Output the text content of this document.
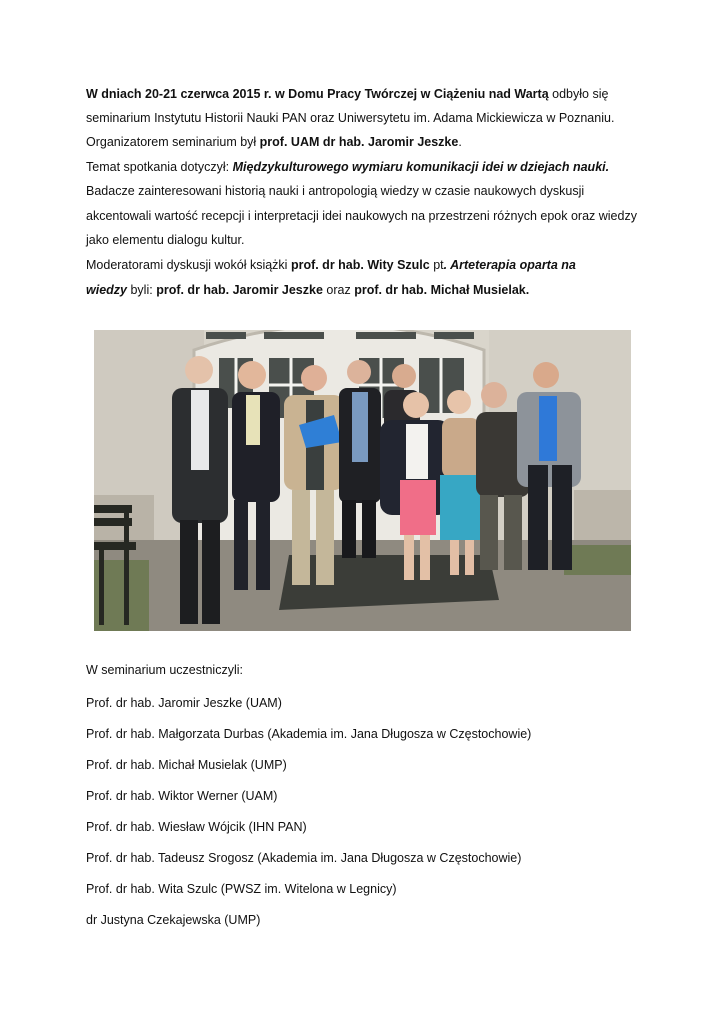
W dniach 20-21 czerwca 2015 r. w Domu Pracy Twórczej w Ciążeniu nad Wartą odbyło się
seminarium Instytutu Historii Nauki PAN oraz Uniwersytetu im. Adama Mickiewicza w Poznaniu.
Organizatorem seminarium był prof. UAM dr hab. Jaromir Jeszke.
Temat spotkania dotyczył: Międzykulturowego wymiaru komunikacji idei w dziejach nauki.
Badacze zainteresowani historią nauki i antropologią wiedzy w czasie naukowych dyskusji
akcentowali wartość recepcji i interpretacji idei naukowych na przestrzeni różnych epok oraz wiedzy
jako elementu dialogu kultur.
Moderatorami dyskusji wokół książki prof. dr hab. Wity Szulc pt. Arteterapia oparta na
wiedzy byli: prof. dr hab. Jaromir Jeszke oraz prof. dr hab. Michał Musielak.
W seminarium uczestniczyli:
Prof. dr hab. Jaromir Jeszke (UAM)
Prof. dr hab. Małgorzata Durbas (Akademia im. Jana Długosza w Częstochowie)
Prof. dr hab. Michał Musielak (UMP)
Prof. dr hab. Wiktor Werner (UAM)
Prof. dr hab. Wiesław Wójcik (IHN PAN)
Prof. dr hab. Tadeusz Srogosz (Akademia im. Jana Długosza w Częstochowie)
Prof. dr hab. Wita Szulc (PWSZ im. Witelona w Legnicy)
dr Justyna Czekajewska (UMP)
